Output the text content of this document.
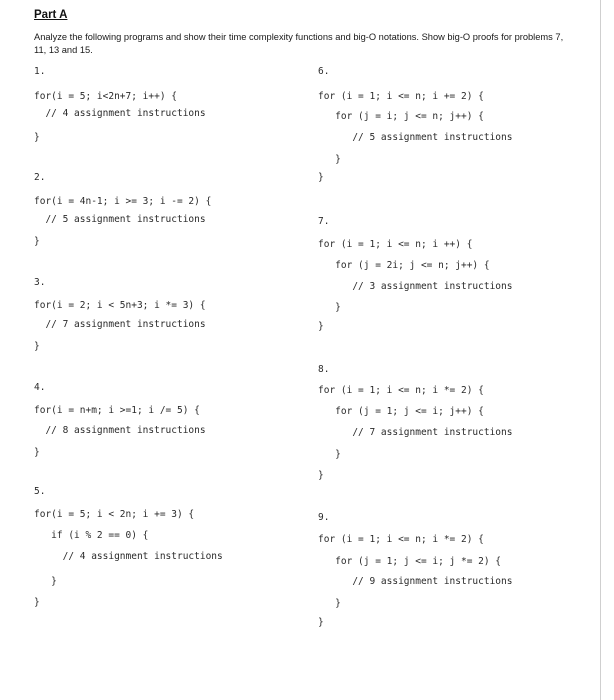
Part A
Analyze the following programs and show their time complexity functions and big-O notations. Show big-O proofs for problems 7, 11, 13 and 15.
1.
for(i = 5; i<2n+7; i++) {
// 4 assignment instructions
}
2.
for(i = 4n-1; i >= 3; i -= 2) {
// 5 assignment instructions
}
3.
for(i = 2; i < 5n+3; i *= 3) {
// 7 assignment instructions
}
4.
for(i = n+m; i >=1; i /= 5) {
// 8 assignment instructions
}
5.
for(i = 5; i < 2n; i += 3) {
if (i % 2 == 0) {
// 4 assignment instructions
}
}
6.
for (i = 1; i <= n; i += 2) {
for (j = i; j <= n; j++) {
// 5 assignment instructions
}
}
7.
for (i = 1; i <= n; i ++) {
for (j = 2i; j <= n; j++) {
// 3 assignment instructions
}
}
8.
for (i = 1; i <= n; i *= 2) {
for (j = 1; j <= i; j++) {
// 7 assignment instructions
}
}
9.
for (i = 1; i <= n; i *= 2) {
for (j = 1; j <= i; j *= 2) {
// 9 assignment instructions
}
}
